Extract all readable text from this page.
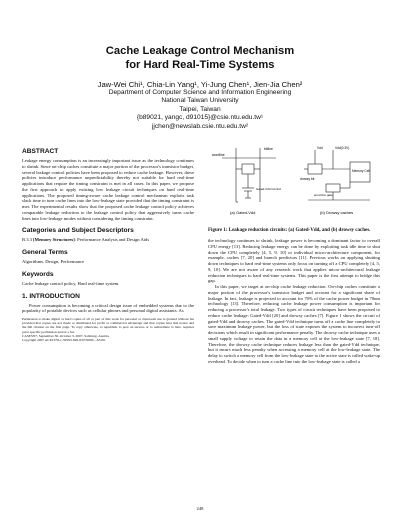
Cache Leakage Control Mechanism
for Hard Real-Time Systems
Jaw-Wei Chi¹, Chia-Lin Yang¹, Yi-Jung Chen¹, Jien-Jia Chen²
Department of Computer Science and Information Engineering
National Taiwan University
Taipei, Taiwan
{b89021, yangc, d91015}@csie.ntu.edu.tw¹
jjchen@newslab.csie.ntu.edu.tw²
ABSTRACT

Leakage energy consumption is an increasingly important issue as the technology continues to shrink. Since on-chip caches constitute a major portion of the processor's transistor budget, several leakage control policies have been proposed to reduce cache leakage. However, these policies introduce performance unpredictability thereby not suitable for hard real-time applications that require the timing constraint is met in all cases. In this paper, we propose the first approach to apply existing low leakage circuit techniques on hard real-time applications. The proposed timing-aware cache leakage control mechanism exploits task slack time to turn cache lines into the low-leakage state provided that the timing constraint is met. The experimental results show that the proposed cache leakage control policy achieves comparable leakage reduction to the leakage control policy that aggressively turns cache lines into low-leakage modes without considering the timing constraint.

Categories and Subject Descriptors

B.3.3 [Memory Structures]: Performance Analysis and Design Aids

General Terms

Algorithms, Design, Performance

Keywords

Cache leakage control policy, Hard real-time system.

1. INTRODUCTION

Power consumption is becoming a critical design issue of embedded systems due to the popularity of portable devices such as cellular phones and personal digital assistants. As

Permission to make digital or hard copies of all or part of this work for personal or classroom use is granted without fee provided that copies are not made or distributed for profit or commercial advantage and that copies bear this notice and the full citation on the first page. To copy otherwise, to republish, to post on servers or to redistribute to lists, requires prior specific permission and/or a fee.
CASES'07, September 30–October 3, 2007, Salzburg, Austria.
Copyright 2007 ACM 978-1-59593-826-8/07/0009 ...$5.00.
bitline
wordline
Gated-Vdd Control
(a) Gated-Vdd
Vdd	Vdd(0.3V)
drowsy bit
Memory Cell
word line gate
(b) Drowsy caches
Figure 1: Leakage reduction circuits: (a) Gated-Vdd, and (b) drowsy caches.

the technology continues to shrink, leakage power is becoming a dominant factor to overall CPU energy [13]. Reducing leakage energy can be done by exploiting task idle time to shut down the CPU completely [4, 5, 9, 10] or individual micro-architecture component, for example, caches [7, 20] and branch predictors [11]. Previous works on applying shutting down techniques to hard real-time systems only focus on turning off a CPU completely [4, 5, 9, 10]. We are not aware of any research work that applies micro-architectural leakage reduction techniques to hard real-time systems. This paper is the first attempt to bridge this gap.

In this paper, we target at on-chip cache leakage reduction. On-chip caches constitute a major portion of the processor's transistor budget and account for a significant share of leakage. In fact, leakage is projected to account for 70% of the cache power budget in 70nm technology [13]. Therefore, reducing cache leakage power consumption is important for reducing a processor's total leakage. Two types of circuit techniques have been proposed to reduce cache leakage: Gated-Vdd [20] and drowsy caches [7]. Figure 1 shows the circuit of gated-Vdd and drowsy caches. The gated-Vdd technique turns off a cache line completely to save maximum leakage power, but the loss of state exposes the system to incorrect turn-off decisions which result in significant performance penalty. The drowsy cache technique uses a small supply voltage to retain the data in a memory cell at the low-leakage state [7, 18]. Therefore, the drowsy cache technique reduces leakage less than the gated-Vdd technique, but it incurs much less penalty when accessing a memory cell at the low-leakage state. The delay to switch a memory cell from the low-leakage state to the active state is called wake-up overhead. To decide when to turn a cache line into the low-leakage state is called a

248
